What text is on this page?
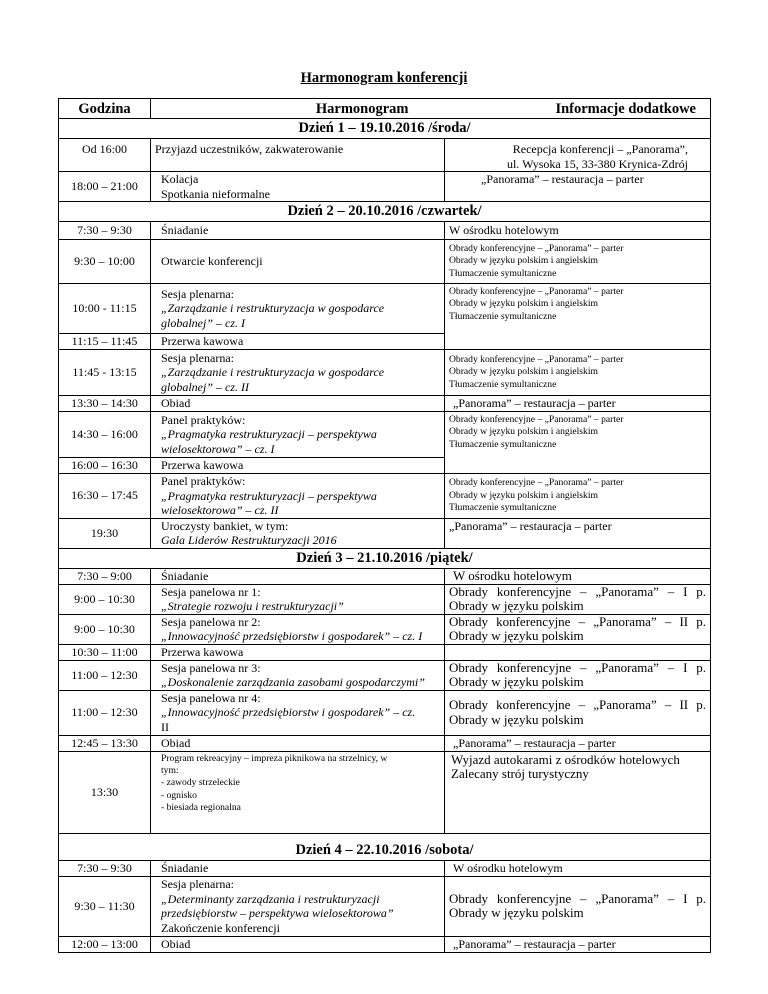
Harmonogram konferencji
Godzina	Harmonogram	Informacje dodatkowe
Dzień 1 – 19.10.2016 /środa/		
Od 16:00	Przyjazd uczestników, zakwaterowanie	Recepcja konferencji – „Panorama”,
ul. Wysoka 15, 33-380 Krynica-Zdrój

18:00 – 21:00	Kolacja
Spotkania nieformalne	„Panorama” – restauracja – parter

Dzień 2 – 20.10.2016 /czwartek/		
7:30 – 9:30	Śniadanie	W ośrodku hotelowym

9:30 – 10:00	Otwarcie konferencji	Obrady konferencyjne – „Panorama” – parter
Obrady w języku polskim i angielskim
Tłumaczenie symultaniczne

10:00 - 11:15	Sesja plenarna:
„Zarządzanie i restrukturyzacja w gospodarce
globalnej” – cz. I	Obrady konferencyjne – „Panorama” – parter
Obrady w języku polskim i angielskim
Tłumaczenie symultaniczne

11:15 – 11:45	Przerwa kawowa	

11:45 - 13:15	Sesja plenarna:
„Zarządzanie i restrukturyzacja w gospodarce
globalnej” – cz. II	Obrady konferencyjne – „Panorama” – parter
Obrady w języku polskim i angielskim
Tłumaczenie symultaniczne

13:30 – 14:30	Obiad	„Panorama” – restauracja – parter

14:30 – 16:00	Panel praktyków:
„Pragmatyka restrukturyzacji – perspektywa
wielosektorowa” – cz. I	Obrady konferencyjne – „Panorama” – parter
Obrady w języku polskim i angielskim
Tłumaczenie symultaniczne

16:00 – 16:30	Przerwa kawowa	

16:30 – 17:45	Panel praktyków:
„Pragmatyka restrukturyzacji – perspektywa
wielosektorowa” – cz. II	Obrady konferencyjne – „Panorama” – parter
Obrady w języku polskim i angielskim
Tłumaczenie symultaniczne

19:30	Uroczysty bankiet, w tym:
Gala Liderów Restrukturyzacji 2016	„Panorama” – restauracja – parter

Dzień 3 – 21.10.2016 /piątek/		
7:30 – 9:00	Śniadanie	W ośrodku hotelowym

9:00 – 10:30	Sesja panelowa nr 1:
„Strategie rozwoju i restrukturyzacji”	Obrady konferencyjne – „Panorama” – I p.
Obrady w języku polskim

9:00 – 10:30	Sesja panelowa nr 2:
„Innowacyjność przedsiębiorstw i gospodarek” – cz. I	Obrady konferencyjne – „Panorama” – II p.
Obrady w języku polskim

10:30 – 11:00	Przerwa kawowa	

11:00 – 12:30	Sesja panelowa nr 3:
„Doskonalenie zarządzania zasobami gospodarczymi”	Obrady konferencyjne – „Panorama” – I p.
Obrady w języku polskim

11:00 – 12:30	Sesja panelowa nr 4:
„Innowacyjność przedsiębiorstw i gospodarek” – cz.
II	Obrady konferencyjne – „Panorama” – II p.
Obrady w języku polskim

12:45 – 13:30	Obiad	„Panorama” – restauracja – parter

13:30	Program rekreacyjny – impreza piknikowa na strzelnicy, w
tym:
- zawody strzeleckie
- ognisko
- biesiada regionalna	Wyjazd autokarami z ośrodków hotelowych
Zalecany strój turystyczny

Dzień 4 – 22.10.2016 /sobota/		
7:30 – 9:30	Śniadanie	W ośrodku hotelowym

9:30 – 11:30	Sesja plenarna:
„Determinanty zarządzania i restrukturyzacji
przedsiębiorstw – perspektywa wielosektorowa”
Zakończenie konferencji	Obrady konferencyjne – „Panorama” – I p.
Obrady w języku polskim

12:00 – 13:00	Obiad	„Panorama” – restauracja – parter
